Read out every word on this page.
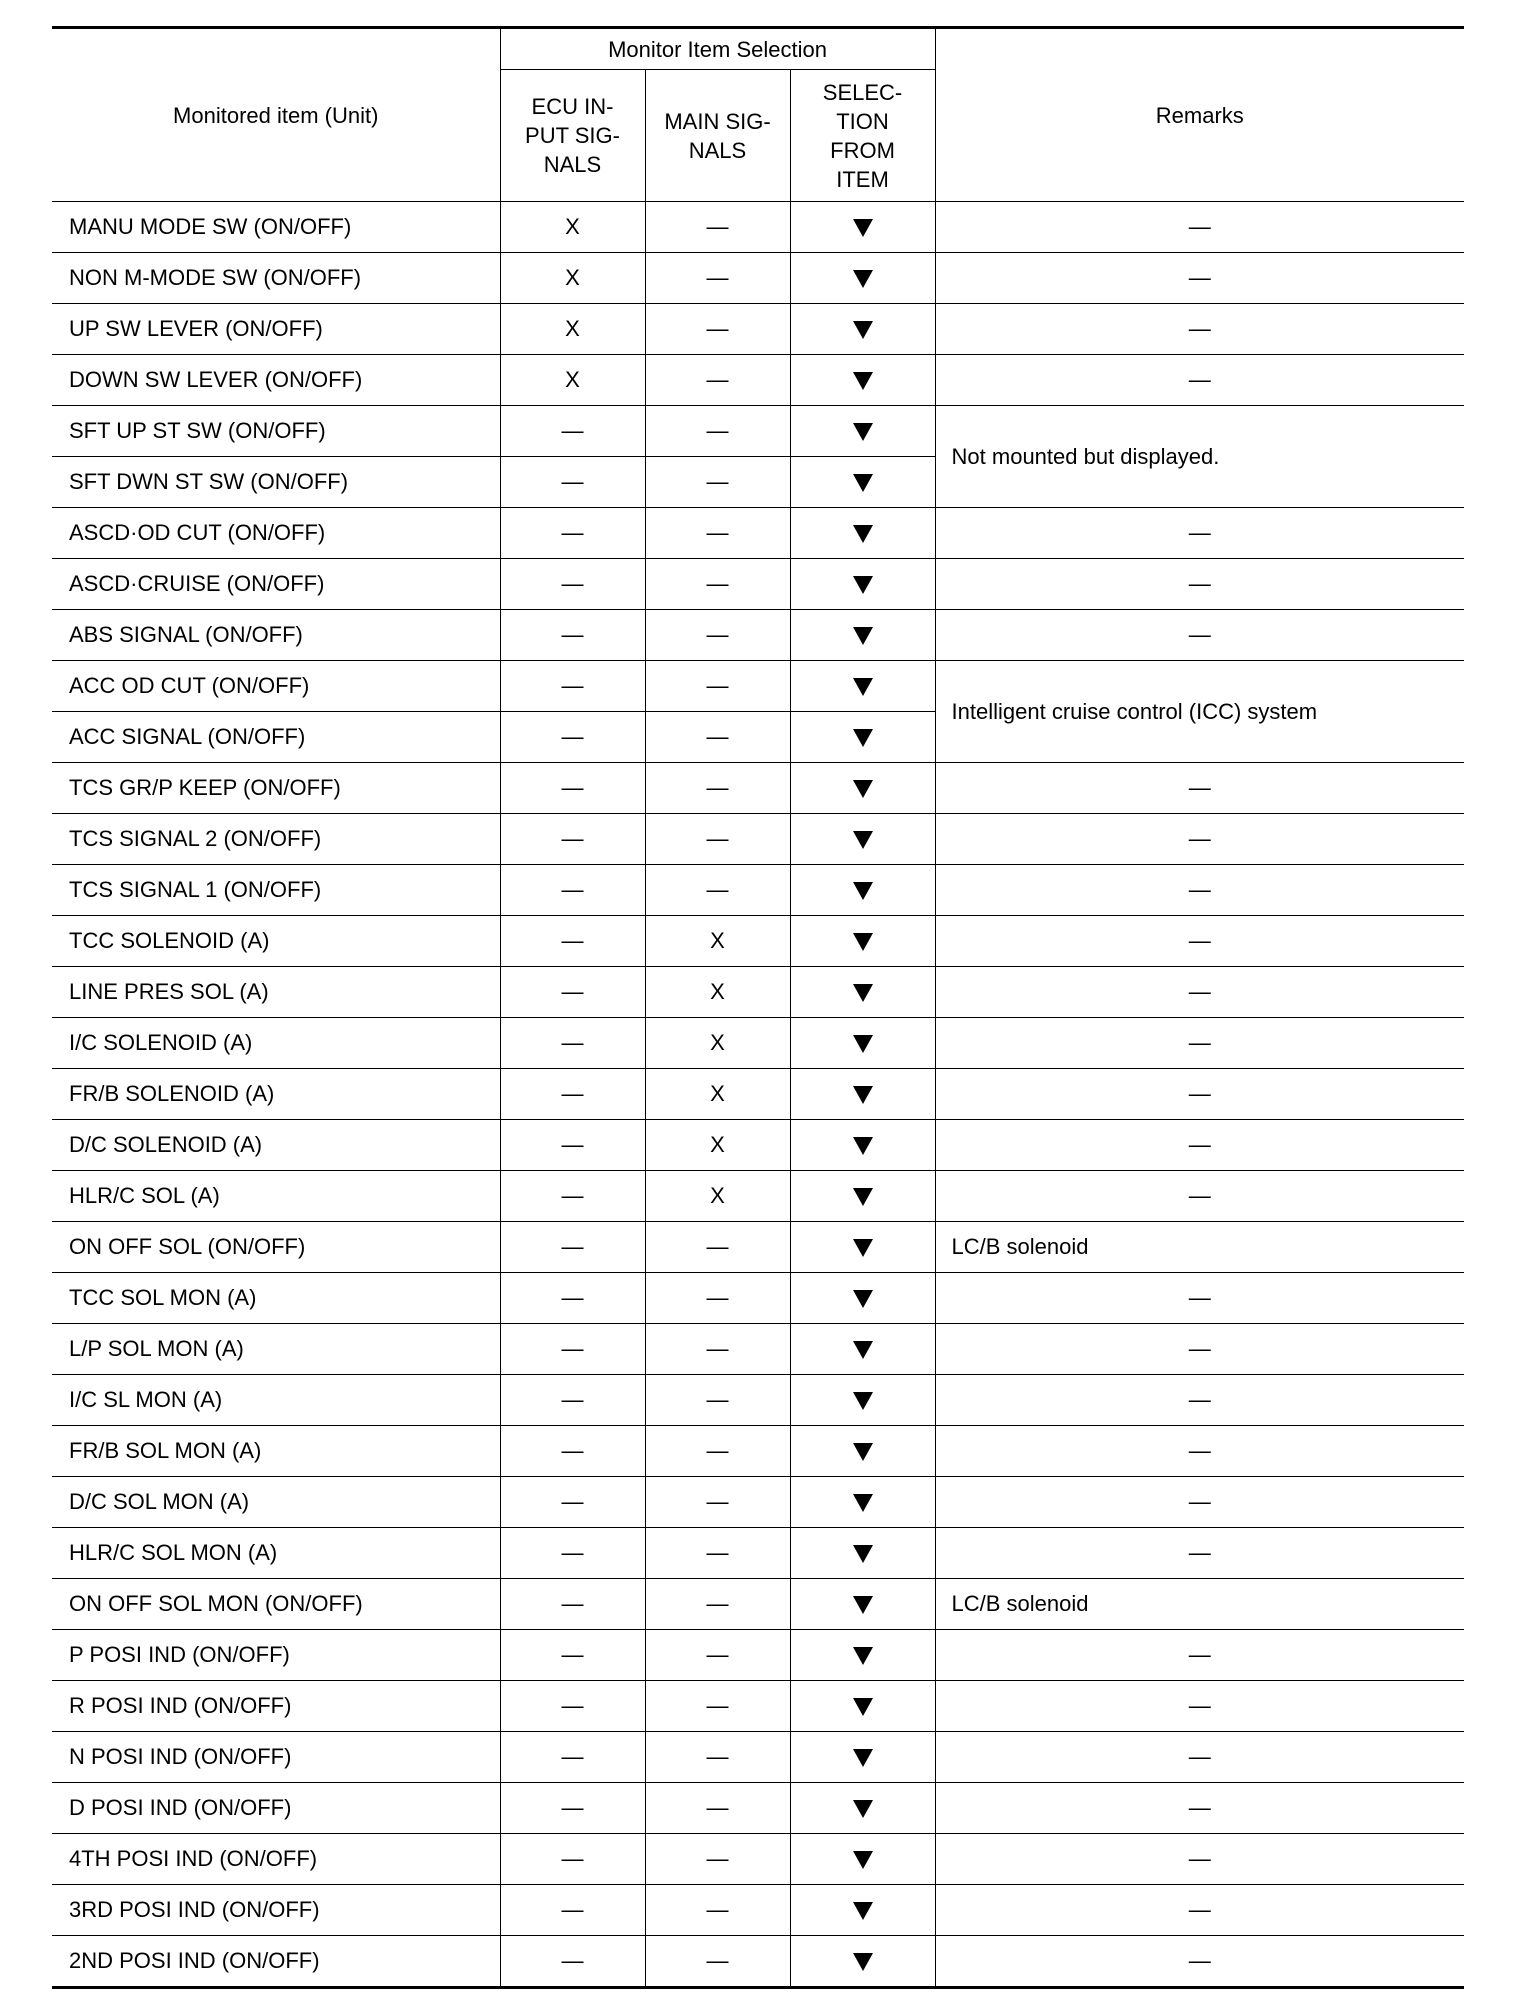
Monitored item (Unit)	Monitor Item Selection			Remarks
	ECU IN-
PUT SIG-
NALS	MAIN SIG-
NALS	SELEC-
TION
FROM
ITEM	
MANU MODE SW (ON/OFF)	X	—		—
NON M-MODE SW (ON/OFF)	X	—		—
UP SW LEVER (ON/OFF)	X	—		—
DOWN SW LEVER (ON/OFF)	X	—		—
SFT UP ST SW (ON/OFF)	—	—		Not mounted but displayed.
SFT DWN ST SW (ON/OFF)	—	—		
ASCD·OD CUT (ON/OFF)	—	—		—
ASCD·CRUISE (ON/OFF)	—	—		—
ABS SIGNAL (ON/OFF)	—	—		—
ACC OD CUT (ON/OFF)	—	—		Intelligent cruise control (ICC) system
ACC SIGNAL (ON/OFF)	—	—		
TCS GR/P KEEP (ON/OFF)	—	—		—
TCS SIGNAL 2 (ON/OFF)	—	—		—
TCS SIGNAL 1 (ON/OFF)	—	—		—
TCC SOLENOID (A)	—	X		—
LINE PRES SOL (A)	—	X		—
I/C SOLENOID (A)	—	X		—
FR/B SOLENOID (A)	—	X		—
D/C SOLENOID (A)	—	X		—
HLR/C SOL (A)	—	X		—
ON OFF SOL (ON/OFF)	—	—		LC/B solenoid
TCC SOL MON (A)	—	—		—
L/P SOL MON (A)	—	—		—
I/C SL MON (A)	—	—		—
FR/B SOL MON (A)	—	—		—
D/C SOL MON (A)	—	—		—
HLR/C SOL MON (A)	—	—		—
ON OFF SOL MON (ON/OFF)	—	—		LC/B solenoid
P POSI IND (ON/OFF)	—	—		—
R POSI IND (ON/OFF)	—	—		—
N POSI IND (ON/OFF)	—	—		—
D POSI IND (ON/OFF)	—	—		—
4TH POSI IND (ON/OFF)	—	—		—
3RD POSI IND (ON/OFF)	—	—		—
2ND POSI IND (ON/OFF)	—	—		—
